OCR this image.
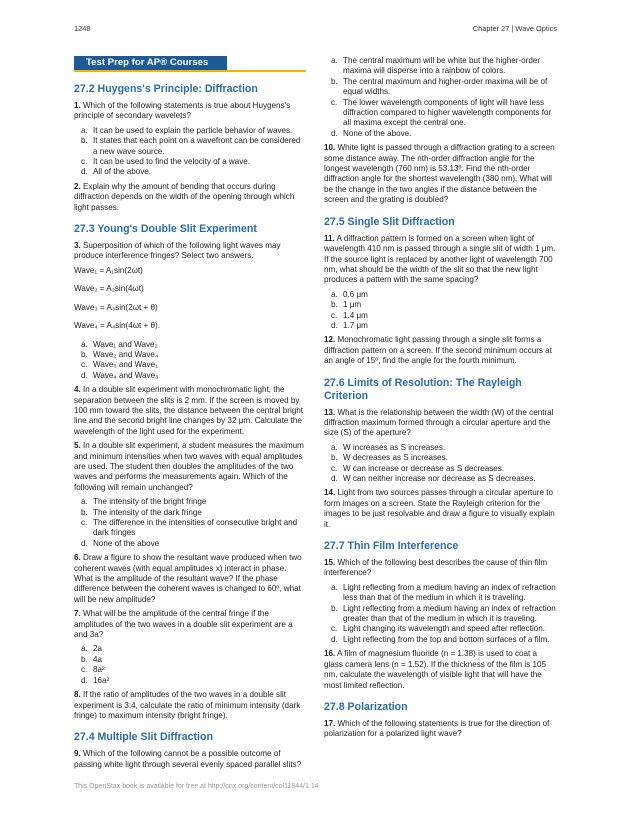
1248	Chapter 27 | Wave Optics
Test Prep for AP® Courses
27.2 Huygens's Principle: Diffraction
1. Which of the following statements is true about Huygens's principle of secondary wavelets?
a. It can be used to explain the particle behavior of waves.
b. It states that each point on a wavefront can be considered a new wave source.
c. It can be used to find the velocity of a wave.
d. All of the above.
2. Explain why the amount of bending that occurs during diffraction depends on the width of the opening through which light passes.
27.3 Young's Double Slit Experiment
3. Superposition of which of the following light waves may produce interference fringes? Select two answers.
Wave₁ = A₁sin(2ωt)
Wave₂ = A₂sin(4ωt)
Wave₃ = A₃sin(2ωt + θ)
Wave₄ = A₄sin(4ωt + θ).
a. Wave₁ and Wave₂
b. Wave₂ and Wave₄
c. Wave₃ and Wave₁
d. Wave₄ and Wave₃
4. In a double slit experiment with monochromatic light, the separation between the slits is 2 mm. If the screen is moved by 100 mm toward the slits, the distance between the central bright line and the second bright line changes by 32 μm. Calculate the wavelength of the light used for the experiment.
5. In a double slit experiment, a student measures the maximum and minimum intensities when two waves with equal amplitudes are used. The student then doubles the amplitudes of the two waves and performs the measurements again. Which of the following will remain unchanged?
a. The intensity of the bright fringe
b. The intensity of the dark fringe
c. The difference in the intensities of consecutive bright and dark fringes
d. None of the above
6. Draw a figure to show the resultant wave produced when two coherent waves (with equal amplitudes x) interact in phase. What is the amplitude of the resultant wave? If the phase difference between the coherent waves is changed to 60º, what will be new amplitude?
7. What will be the amplitude of the central fringe if the amplitudes of the two waves in a double slit experiment are a and 3a?
a. 2a
b. 4a
c. 8a²
d. 16a²
8. If the ratio of amplitudes of the two waves in a double slit experiment is 3:4, calculate the ratio of minimum intensity (dark fringe) to maximum intensity (bright fringe).
27.4 Multiple Slit Diffraction
9. Which of the following cannot be a possible outcome of passing white light through several evenly spaced parallel slits?
a. The central maximum will be white but the higher-order maxima will disperse into a rainbow of colors.
b. The central maximum and higher-order maxima will be of equal widths.
c. The lower wavelength components of light will have less diffraction compared to higher wavelength components for all maxima except the central one.
d. None of the above.
10. White light is passed through a diffraction grating to a screen some distance away. The nth-order diffraction angle for the longest wavelength (760 nm) is 53.13º. Find the nth-order diffraction angle for the shortest wavelength (380 nm). What will be the change in the two angles if the distance between the screen and the grating is doubled?
27.5 Single Slit Diffraction
11. A diffraction pattern is formed on a screen when light of wavelength 410 nm is passed through a single slit of width 1 μm. If the source light is replaced by another light of wavelength 700 nm, what should be the width of the slit so that the new light produces a pattern with the same spacing?
a. 0.6 μm
b. 1 μm
c. 1.4 μm
d. 1.7 μm
12. Monochromatic light passing through a single slit forms a diffraction pattern on a screen. If the second minimum occurs at an angle of 15º, find the angle for the fourth minimum.
27.6 Limits of Resolution: The Rayleigh Criterion
13. What is the relationship between the width (W) of the central diffraction maximum formed through a circular aperture and the size (S) of the aperture?
a. W increases as S increases.
b. W decreases as S increases.
c. W can increase or decrease as S decreases.
d. W can neither increase nor decrease as S decreases.
14. Light from two sources passes through a circular aperture to form images on a screen. State the Rayleigh criterion for the images to be just resolvable and draw a figure to visually explain it.
27.7 Thin Film Interference
15. Which of the following best describes the cause of thin film interference?
a. Light reflecting from a medium having an index of refraction less than that of the medium in which it is traveling.
b. Light reflecting from a medium having an index of refraction greater than that of the medium in which it is traveling.
c. Light changing its wavelength and speed after reflection.
d. Light reflecting from the top and bottom surfaces of a film.
16. A film of magnesium fluoride (n = 1.38) is used to coat a glass camera lens (n = 1.52). If the thickness of the film is 105 nm, calculate the wavelength of visible light that will have the most limited reflection.
27.8 Polarization
17. Which of the following statements is true for the direction of polarization for a polarized light wave?
This OpenStax book is available for free at http://cnx.org/content/col11844/1.14
